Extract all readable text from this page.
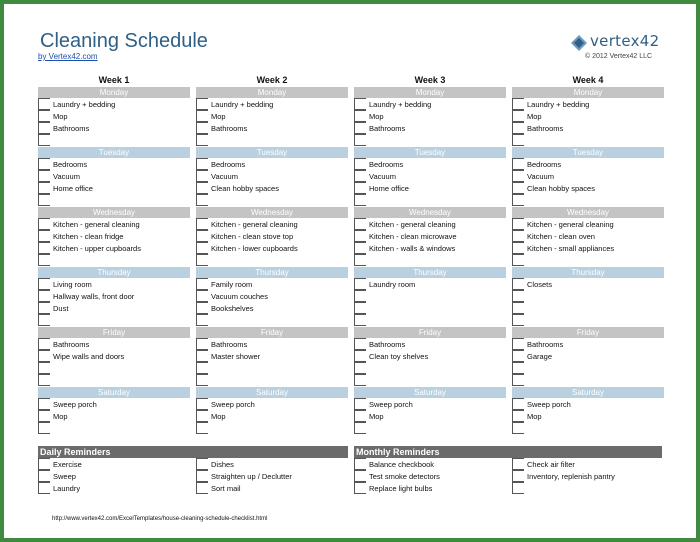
Cleaning Schedule
by Vertex42.com
vertex42
© 2012 Vertex42 LLC
Week 1
Monday
Laundry + bedding
Mop
Bathrooms
Tuesday
Bedrooms
Vacuum
Home office
Wednesday
Kitchen - general cleaning
Kitchen - clean fridge
Kitchen - upper cupboards
Thursday
Living room
Hallway walls, front door
Dust
Friday
Bathrooms
Wipe walls and doors
Saturday
Sweep porch
Mop
Week 2
Monday
Laundry + bedding
Mop
Bathrooms
Tuesday
Bedrooms
Vacuum
Clean hobby spaces
Wednesday
Kitchen - general cleaning
Kitchen - clean stove top
Kitchen - lower cupboards
Thursday
Family room
Vacuum couches
Bookshelves
Friday
Bathrooms
Master shower
Saturday
Sweep porch
Mop
Week 3
Monday
Laundry + bedding
Mop
Bathrooms
Tuesday
Bedrooms
Vacuum
Home office
Wednesday
Kitchen - general cleaning
Kitchen - clean microwave
Kitchen - walls & windows
Thursday
Laundry room
Friday
Bathrooms
Clean toy shelves
Saturday
Sweep porch
Mop
Week 4
Monday
Laundry + bedding
Mop
Bathrooms
Tuesday
Bedrooms
Vacuum
Clean hobby spaces
Wednesday
Kitchen - general cleaning
Kitchen - clean oven
Kitchen - small appliances
Thursday
Closets
Friday
Bathrooms
Garage
Saturday
Sweep porch
Mop
Daily Reminders
Exercise
Sweep
Laundry
Dishes
Straighten up / Declutter
Sort mail
Monthly Reminders
Balance checkbook
Test smoke detectors
Replace light bulbs
Check air filter
Inventory, replenish pantry
http://www.vertex42.com/ExcelTemplates/house-cleaning-schedule-checklist.html
